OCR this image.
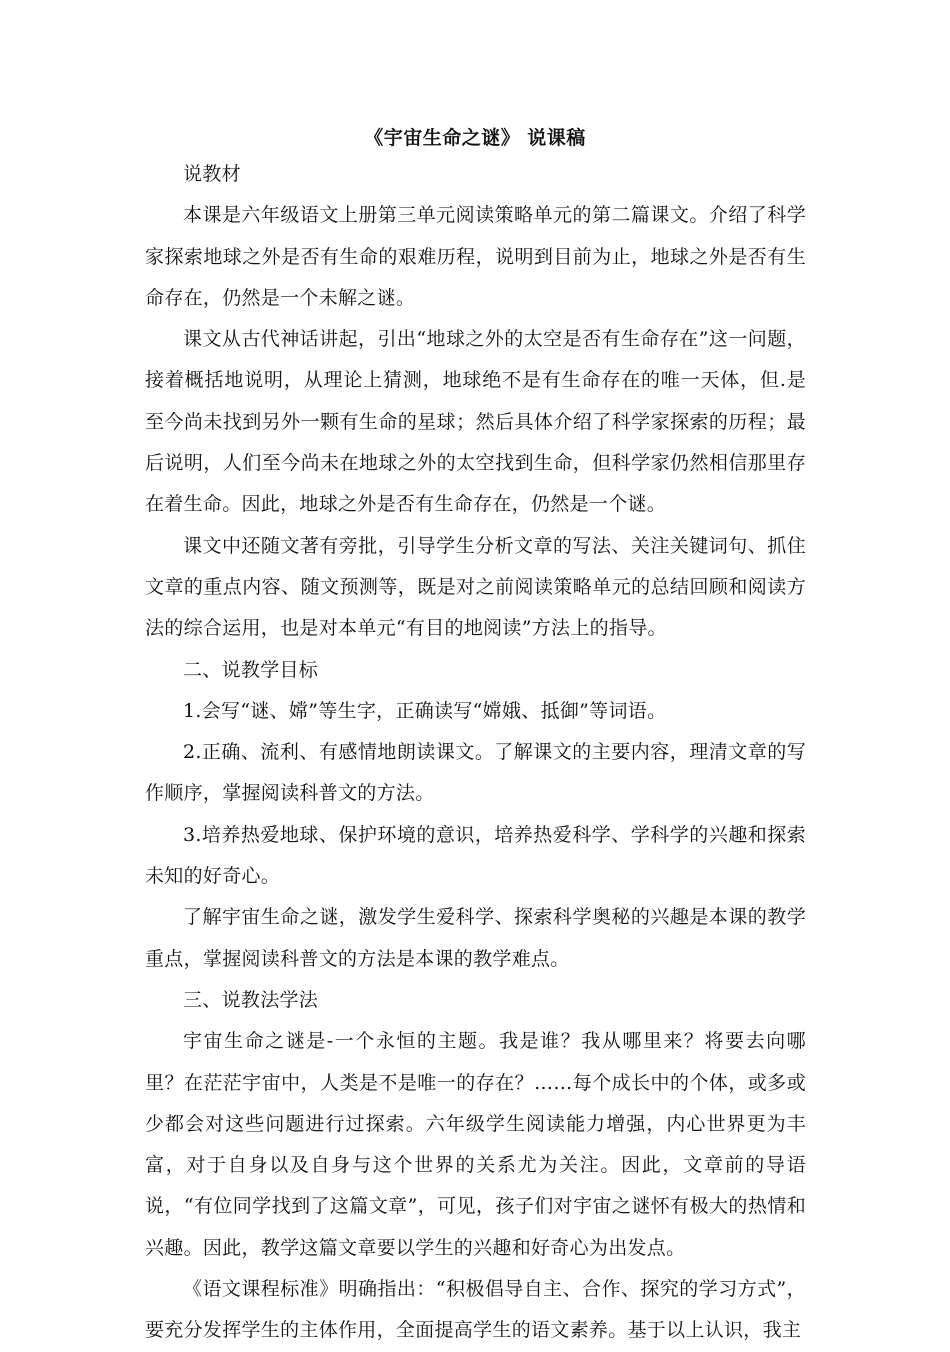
《宇宙生命之谜》 说课稿

说教材

本课是六年级语文上册第三单元阅读策略单元的第二篇课文。介绍了科学家探索地球之外是否有生命的艰难历程，说明到目前为止，地球之外是否有生命存在，仍然是一个未解之谜。

课文从古代神话讲起，引出“地球之外的太空是否有生命存在”这一问题，接着概括地说明，从理论上猜测，地球绝不是有生命存在的唯一天体，但.是至今尚未找到另外一颗有生命的星球；然后具体介绍了科学家探索的历程；最后说明，人们至今尚未在地球之外的太空找到生命，但科学家仍然相信那里存在着生命。因此，地球之外是否有生命存在，仍然是一个谜。

课文中还随文著有旁批，引导学生分析文章的写法、关注关键词句、抓住文章的重点内容、随文预测等，既是对之前阅读策略单元的总结回顾和阅读方法的综合运用，也是对本单元“有目的地阅读”方法上的指导。

二、说教学目标

1.会写“谜、嫦”等生字，正确读写“嫦娥、抵御”等词语。

2.正确、流利、有感情地朗读课文。了解课文的主要内容，理清文章的写作顺序，掌握阅读科普文的方法。

3.培养热爱地球、保护环境的意识，培养热爱科学、学科学的兴趣和探索未知的好奇心。

了解宇宙生命之谜，激发学生爱科学、探索科学奥秘的兴趣是本课的教学重点，掌握阅读科普文的方法是本课的教学难点。

三、说教法学法

宇宙生命之谜是-一个永恒的主题。我是谁？我从哪里来？将要去向哪里？在茫茫宇宙中，人类是不是唯一的存在？……每个成长中的个体，或多或少都会对这些问题进行过探索。六年级学生阅读能力增强，内心世界更为丰富，对于自身以及自身与这个世界的关系尤为关注。因此，文章前的导语说，“有位同学找到了这篇文章”，可见，孩子们对宇宙之谜怀有极大的热情和兴趣。因此，教学这篇文章要以学生的兴趣和好奇心为出发点。

《语文课程标准》明确指出：“积极倡导自主、合作、探究的学习方式”，要充分发挥学生的主体作用，全面提高学生的语文素养。基于以上认识，我主
